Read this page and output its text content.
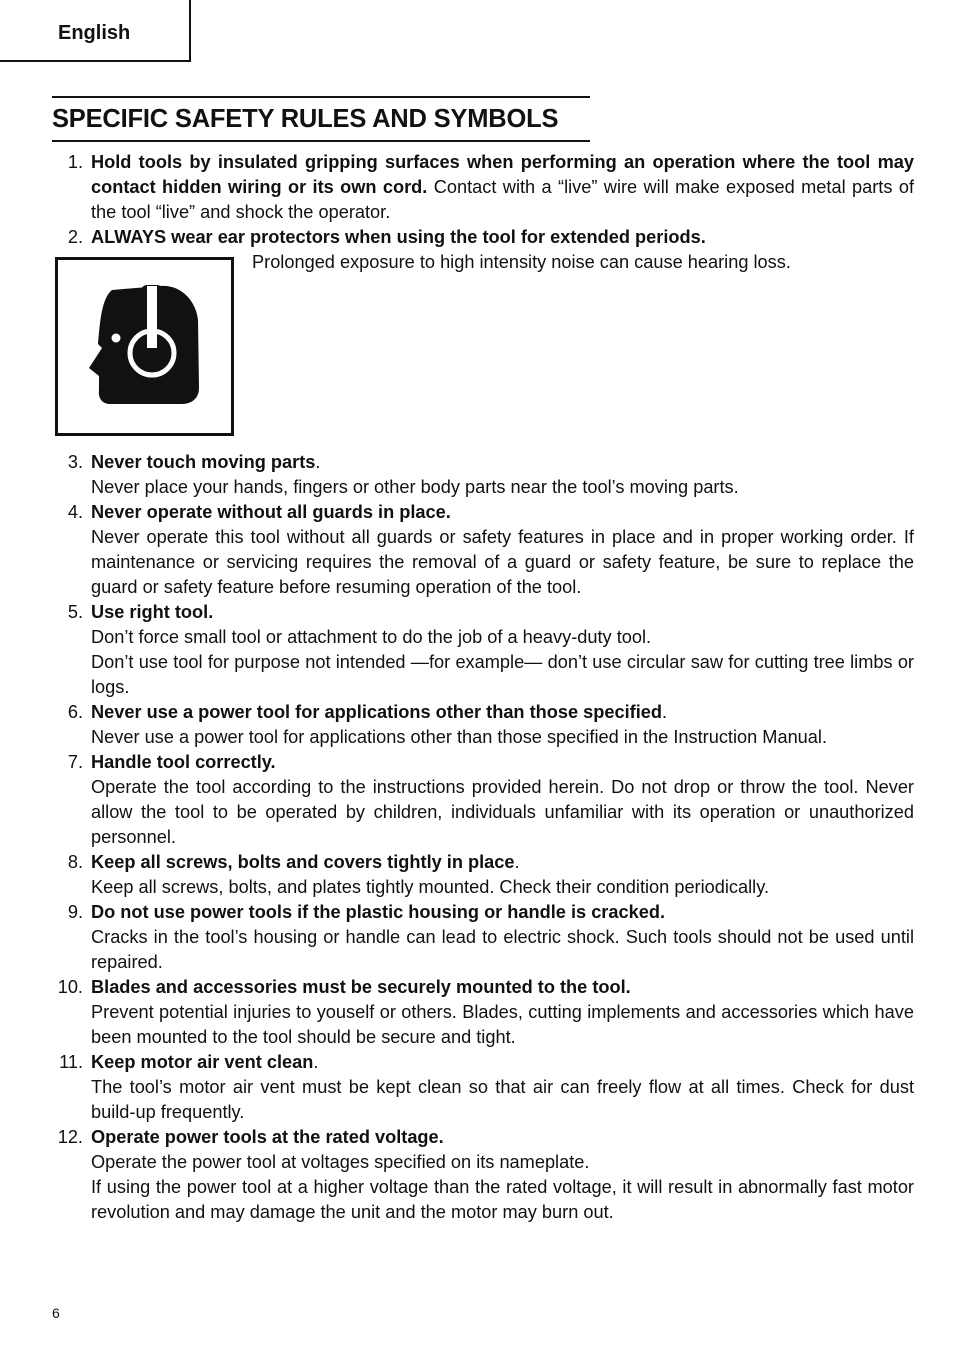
English
SPECIFIC SAFETY RULES AND SYMBOLS
1. Hold tools by insulated gripping surfaces when performing an operation where the tool may contact hidden wiring or its own cord. Contact with a “live” wire will make exposed metal parts of the tool “live” and shock the operator.

2. ALWAYS wear ear protectors when using the tool for extended periods.

Prolonged exposure to high intensity noise can cause hearing loss.
3. Never touch moving parts.

Never place your hands, fingers or other body parts near the tool’s moving parts.

4. Never operate without all guards in place.

Never operate this tool without all guards or safety features in place and in proper working order. If maintenance or servicing requires the removal of a guard or safety feature, be sure to replace the guard or safety feature before resuming operation of the tool.

5. Use right tool.

Don’t force small tool or attachment to do the job of a heavy-duty tool.

Don’t use tool for purpose not intended —for example— don’t use circular saw for cutting tree limbs or logs.

6. Never use a power tool for applications other than those specified.

Never use a power tool for applications other than those specified in the Instruction Manual.

7. Handle tool correctly.

Operate the tool according to the instructions provided herein. Do not drop or throw the tool. Never allow the tool to be operated by children, individuals unfamiliar with its operation or unauthorized personnel.

8. Keep all screws, bolts and covers tightly in place.

Keep all screws, bolts, and plates tightly mounted. Check their condition periodically.

9. Do not use power tools if the plastic housing or handle is cracked.

Cracks in the tool’s housing or handle can lead to electric shock. Such tools should not be used until repaired.

10. Blades and accessories must be securely mounted to the tool.

Prevent potential injuries to youself or others. Blades, cutting implements and accessories which have been mounted to the tool should be secure and tight.

11. Keep motor air vent clean.

The tool’s motor air vent must be kept clean so that air can freely flow at all times. Check for dust build-up frequently.

12. Operate power tools at the rated voltage.

Operate the power tool at voltages specified on its nameplate.

If using the power tool at a higher voltage than the rated voltage, it will result in abnormally fast motor revolution and may damage the unit and the motor may burn out.

6
